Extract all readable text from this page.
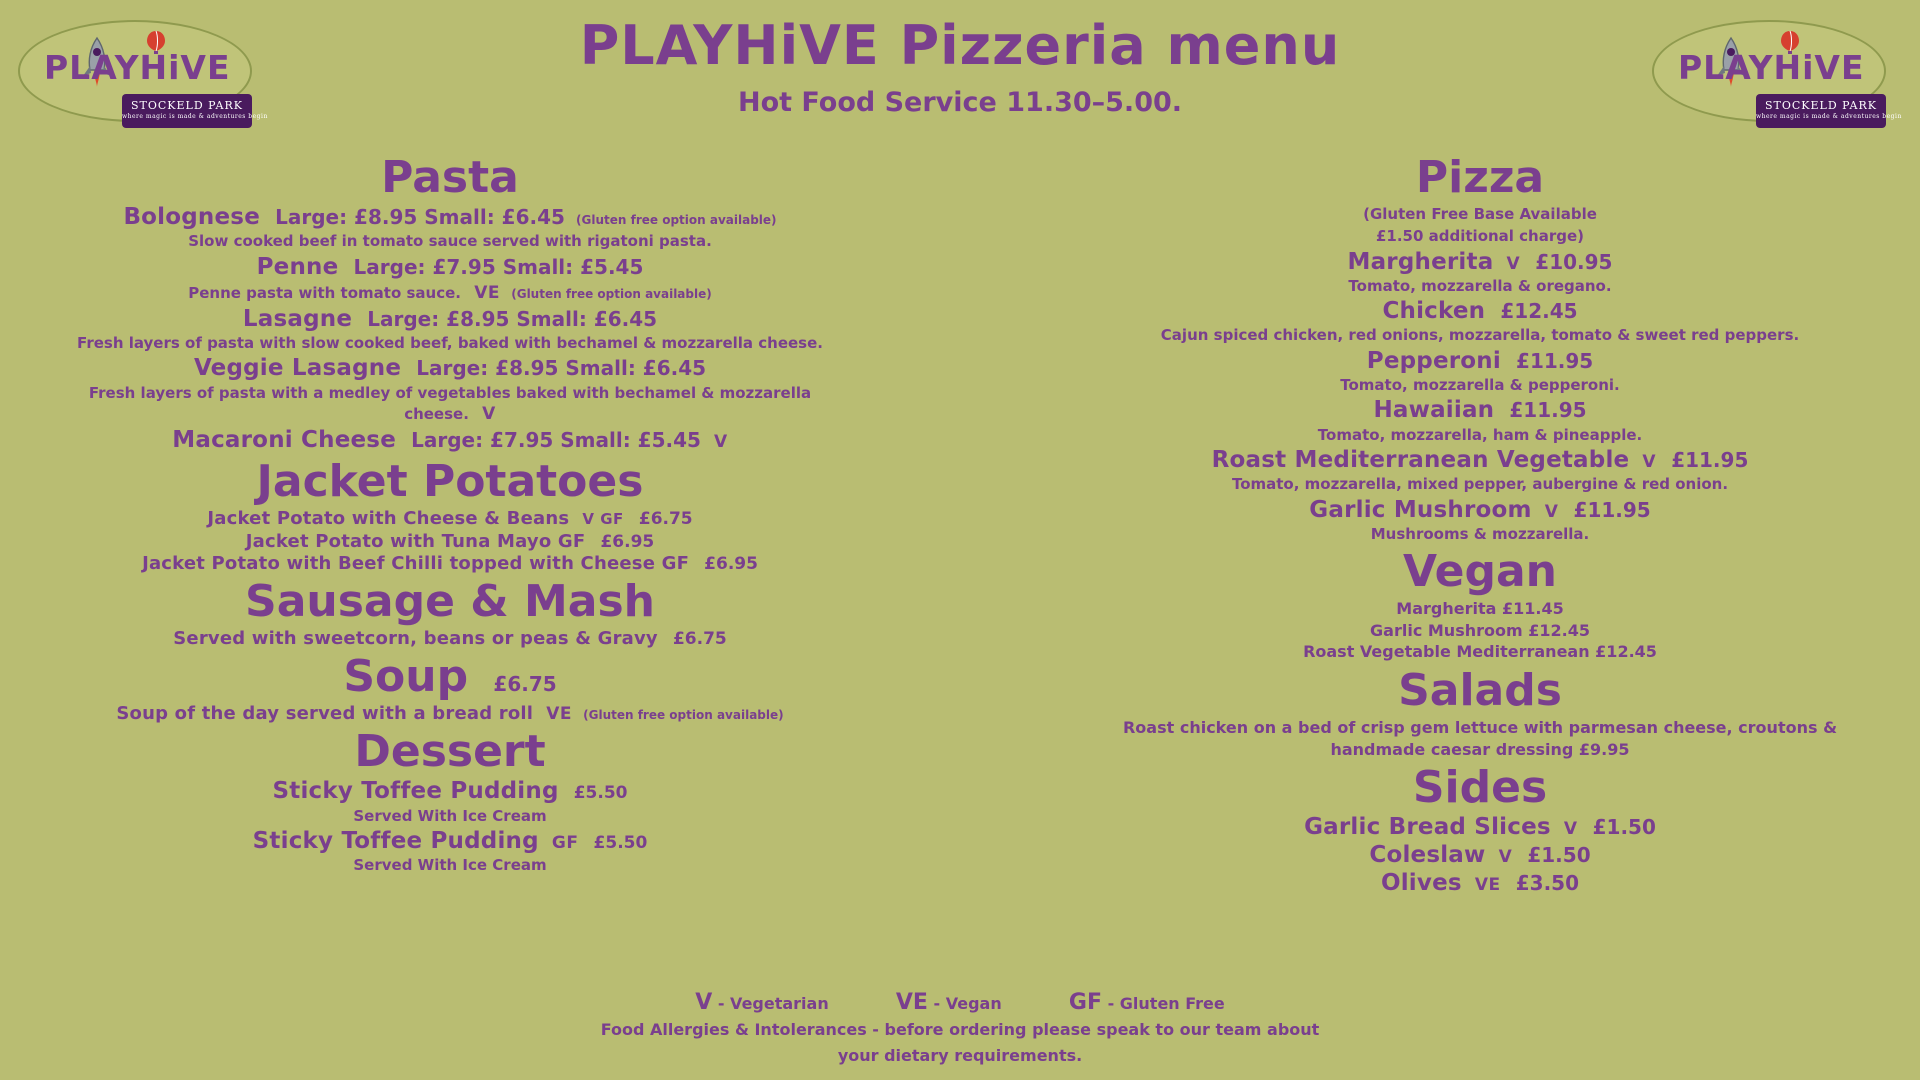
PLAYHiVE
STOCKELD PARK
where magic is made & adventures begin
PLAYHiVE
STOCKELD PARK
where magic is made & adventures begin
PLAYHiVE Pizzeria menu
Hot Food Service 11.30–5.00.
Pasta
Bolognese Large: £8.95 Small: £6.45 (Gluten free option available)
Slow cooked beef in tomato sauce served with rigatoni pasta.
Penne Large: £7.95 Small: £5.45
Penne pasta with tomato sauce. VE (Gluten free option available)
Lasagne Large: £8.95 Small: £6.45
Fresh layers of pasta with slow cooked beef, baked with bechamel & mozzarella cheese.
Veggie Lasagne Large: £8.95 Small: £6.45
Fresh layers of pasta with a medley of vegetables baked with bechamel & mozzarella cheese. V
Macaroni Cheese Large: £7.95 Small: £5.45 V
Jacket Potatoes
Jacket Potato with Cheese & Beans V GF £6.75
Jacket Potato with Tuna Mayo GF £6.95
Jacket Potato with Beef Chilli topped with Cheese GF £6.95
Sausage & Mash
Served with sweetcorn, beans or peas & Gravy £6.75
Soup £6.75
Soup of the day served with a bread roll VE (Gluten free option available)
Dessert
Sticky Toffee Pudding £5.50
Served With Ice Cream
Sticky Toffee Pudding GF £5.50
Served With Ice Cream
Pizza
(Gluten Free Base Available
£1.50 additional charge)
Margherita V £10.95
Tomato, mozzarella & oregano.
Chicken £12.45
Cajun spiced chicken, red onions, mozzarella, tomato & sweet red peppers.
Pepperoni £11.95
Tomato, mozzarella & pepperoni.
Hawaiian £11.95
Tomato, mozzarella, ham & pineapple.
Roast Mediterranean Vegetable V £11.95
Tomato, mozzarella, mixed pepper, aubergine & red onion.
Garlic Mushroom V £11.95
Mushrooms & mozzarella.
Vegan
Margherita £11.45
Garlic Mushroom £12.45
Roast Vegetable Mediterranean £12.45
Salads
Roast chicken on a bed of crisp gem lettuce with parmesan cheese, croutons & handmade caesar dressing £9.95
Sides
Garlic Bread Slices V £1.50
Coleslaw V £1.50
Olives VE £3.50
V - Vegetarian	VE - Vegan	GF - Gluten Free
Food Allergies & Intolerances - before ordering please speak to our team about
your dietary requirements.
